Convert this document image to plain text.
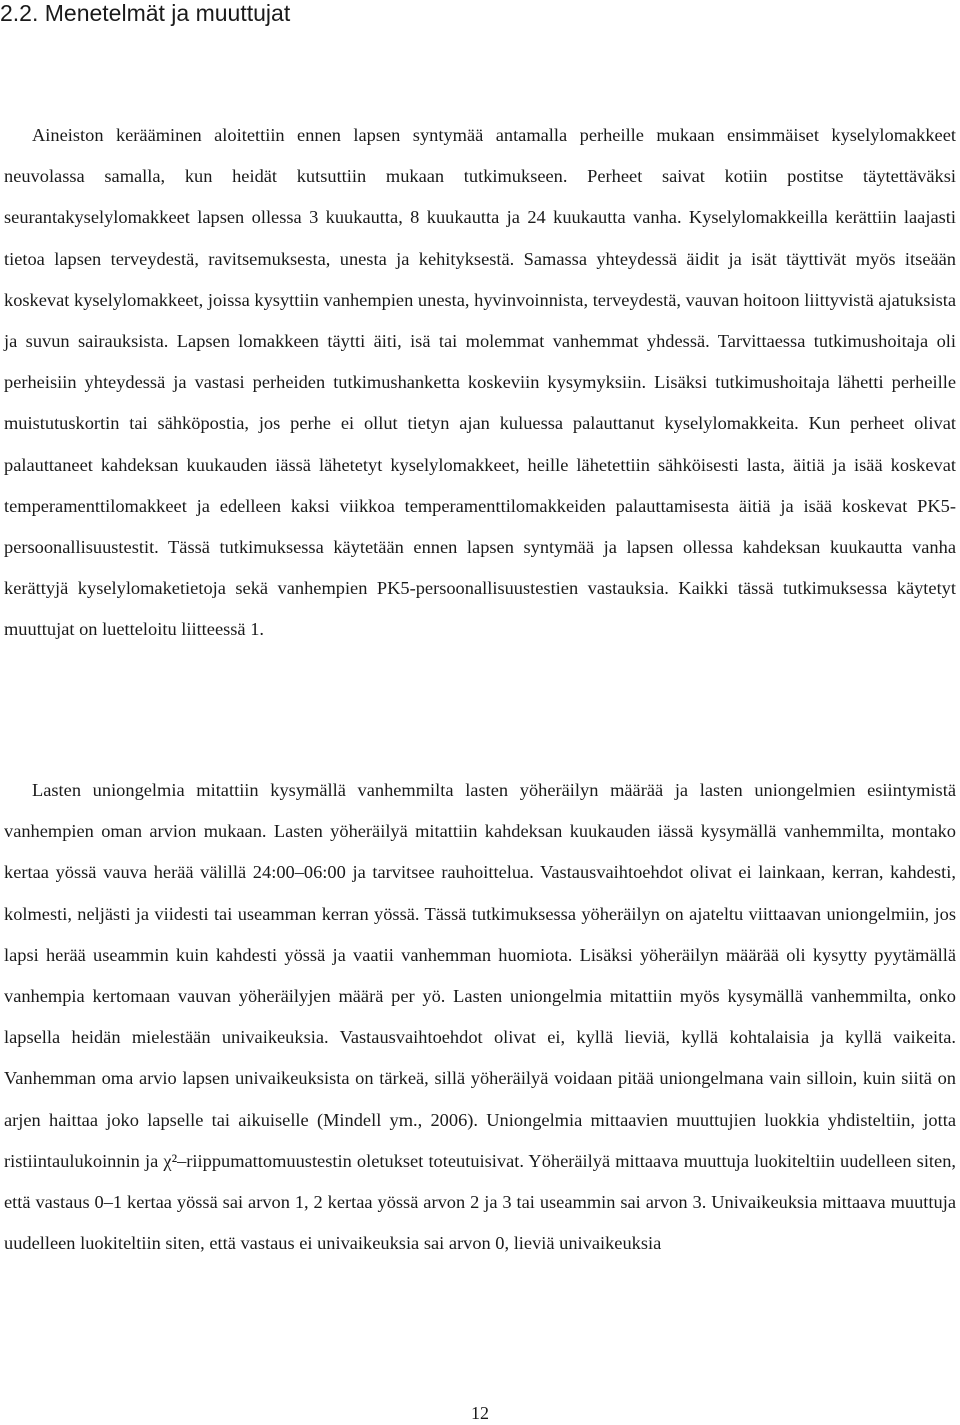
2.2. Menetelmät ja muuttujat

Aineiston kerääminen aloitettiin ennen lapsen syntymää antamalla perheille mukaan ensimmäiset kyselylomakkeet neuvolassa samalla, kun heidät kutsuttiin mukaan tutkimukseen. Perheet saivat kotiin postitse täytettäväksi seurantakyselylomakkeet lapsen ollessa 3 kuukautta, 8 kuukautta ja 24 kuukautta vanha. Kyselylomakkeilla kerättiin laajasti tietoa lapsen terveydestä, ravitsemuksesta, unesta ja kehityksestä. Samassa yhteydessä äidit ja isät täyttivät myös itseään koskevat kyselylomakkeet, joissa kysyttiin vanhempien unesta, hyvinvoinnista, terveydestä, vauvan hoitoon liittyvistä ajatuksista ja suvun sairauksista. Lapsen lomakkeen täytti äiti, isä tai molemmat vanhemmat yhdessä. Tarvittaessa tutkimushoitaja oli perheisiin yhteydessä ja vastasi perheiden tutkimushanketta koskeviin kysymyksiin. Lisäksi tutkimushoitaja lähetti perheille muistutuskortin tai sähköpostia, jos perhe ei ollut tietyn ajan kuluessa palauttanut kyselylomakkeita. Kun perheet olivat palauttaneet kahdeksan kuukauden iässä lähetetyt kyselylomakkeet, heille lähetettiin sähköisesti lasta, äitiä ja isää koskevat temperamenttilomakkeet ja edelleen kaksi viikkoa temperamenttilomakkeiden palauttamisesta äitiä ja isää koskevat PK5-persoonallisuustestit. Tässä tutkimuksessa käytetään ennen lapsen syntymää ja lapsen ollessa kahdeksan kuukautta vanha kerättyjä kyselylomaketietoja sekä vanhempien PK5-persoonallisuustestien vastauksia. Kaikki tässä tutkimuksessa käytetyt muuttujat on luetteloitu liitteessä 1.

Lasten uniongelmia mitattiin kysymällä vanhemmilta lasten yöheräilyn määrää ja lasten uniongelmien esiintymistä vanhempien oman arvion mukaan. Lasten yöheräilyä mitattiin kahdeksan kuukauden iässä kysymällä vanhemmilta, montako kertaa yössä vauva herää välillä 24:00–06:00 ja tarvitsee rauhoittelua. Vastausvaihtoehdot olivat ei lainkaan, kerran, kahdesti, kolmesti, neljästi ja viidesti tai useamman kerran yössä. Tässä tutkimuksessa yöheräilyn on ajateltu viittaavan uniongelmiin, jos lapsi herää useammin kuin kahdesti yössä ja vaatii vanhemman huomiota. Lisäksi yöheräilyn määrää oli kysytty pyytämällä vanhempia kertomaan vauvan yöheräilyjen määrä per yö. Lasten uniongelmia mitattiin myös kysymällä vanhemmilta, onko lapsella heidän mielestään univaikeuksia. Vastausvaihtoehdot olivat ei, kyllä lieviä, kyllä kohtalaisia ja kyllä vaikeita. Vanhemman oma arvio lapsen univaikeuksista on tärkeä, sillä yöheräilyä voidaan pitää uniongelmana vain silloin, kuin siitä on arjen haittaa joko lapselle tai aikuiselle (Mindell ym., 2006). Uniongelmia mittaavien muuttujien luokkia yhdisteltiin, jotta ristiintaulukoinnin ja χ²–riippumattomuustestin oletukset toteutuisivat. Yöheräilyä mittaava muuttuja luokiteltiin uudelleen siten, että vastaus 0–1 kertaa yössä sai arvon 1, 2 kertaa yössä arvon 2 ja 3 tai useammin sai arvon 3. Univaikeuksia mittaava muuttuja uudelleen luokiteltiin siten, että vastaus ei univaikeuksia sai arvon 0, lieviä univaikeuksia

12
